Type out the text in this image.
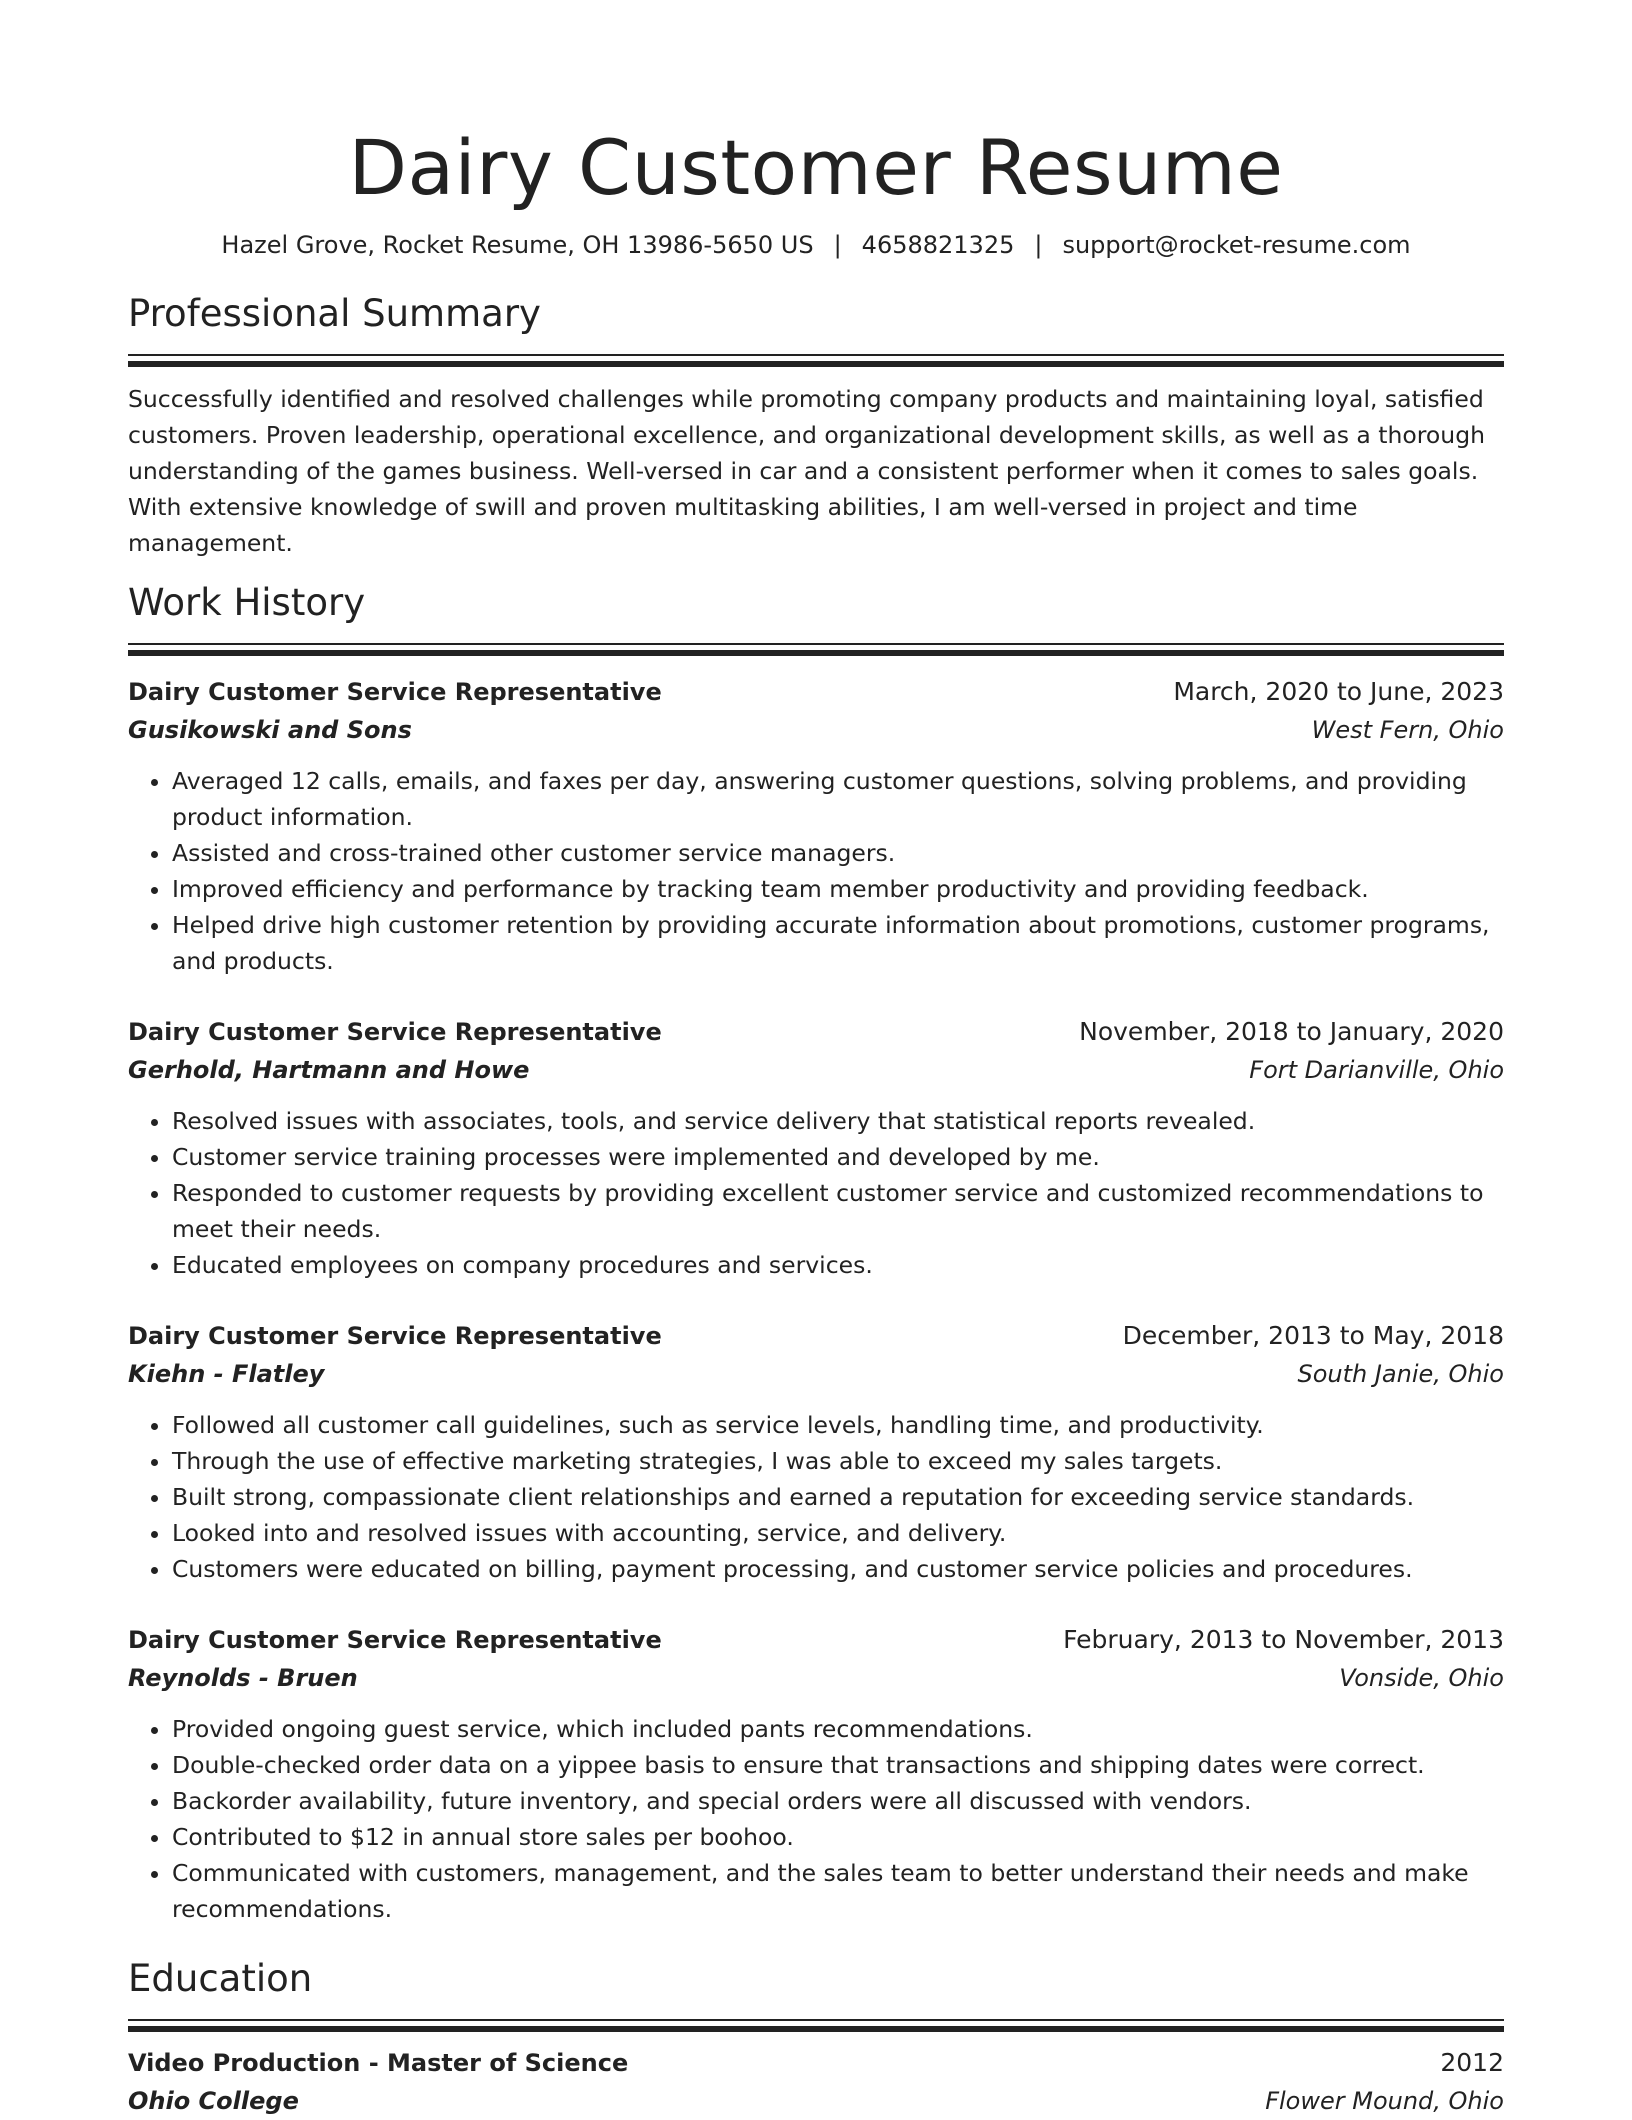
Dairy Customer Resume
Hazel Grove, Rocket Resume, OH 13986-5650 US | 4658821325 | support@rocket-resume.com
Professional Summary
Successfully identified and resolved challenges while promoting company products and maintaining loyal, satisfied customers. Proven leadership, operational excellence, and organizational development skills, as well as a thorough understanding of the games business. Well-versed in car and a consistent performer when it comes to sales goals. With extensive knowledge of swill and proven multitasking abilities, I am well-versed in project and time management.
Work History
Dairy Customer Service Representative	March, 2020 to June, 2023
Gusikowski and Sons	West Fern, Ohio
• Averaged 12 calls, emails, and faxes per day, answering customer questions, solving problems, and providing product information.
• Assisted and cross-trained other customer service managers.
• Improved efficiency and performance by tracking team member productivity and providing feedback.
• Helped drive high customer retention by providing accurate information about promotions, customer programs, and products.
Dairy Customer Service Representative	November, 2018 to January, 2020
Gerhold, Hartmann and Howe	Fort Darianville, Ohio
• Resolved issues with associates, tools, and service delivery that statistical reports revealed.
• Customer service training processes were implemented and developed by me.
• Responded to customer requests by providing excellent customer service and customized recommendations to meet their needs.
• Educated employees on company procedures and services.
Dairy Customer Service Representative	December, 2013 to May, 2018
Kiehn - Flatley	South Janie, Ohio
• Followed all customer call guidelines, such as service levels, handling time, and productivity.
• Through the use of effective marketing strategies, I was able to exceed my sales targets.
• Built strong, compassionate client relationships and earned a reputation for exceeding service standards.
• Looked into and resolved issues with accounting, service, and delivery.
• Customers were educated on billing, payment processing, and customer service policies and procedures.
Dairy Customer Service Representative	February, 2013 to November, 2013
Reynolds - Bruen	Vonside, Ohio
• Provided ongoing guest service, which included pants recommendations.
• Double-checked order data on a yippee basis to ensure that transactions and shipping dates were correct.
• Backorder availability, future inventory, and special orders were all discussed with vendors.
• Contributed to $12 in annual store sales per boohoo.
• Communicated with customers, management, and the sales team to better understand their needs and make recommendations.
Education
Video Production - Master of Science	2012
Ohio College	Flower Mound, Ohio
